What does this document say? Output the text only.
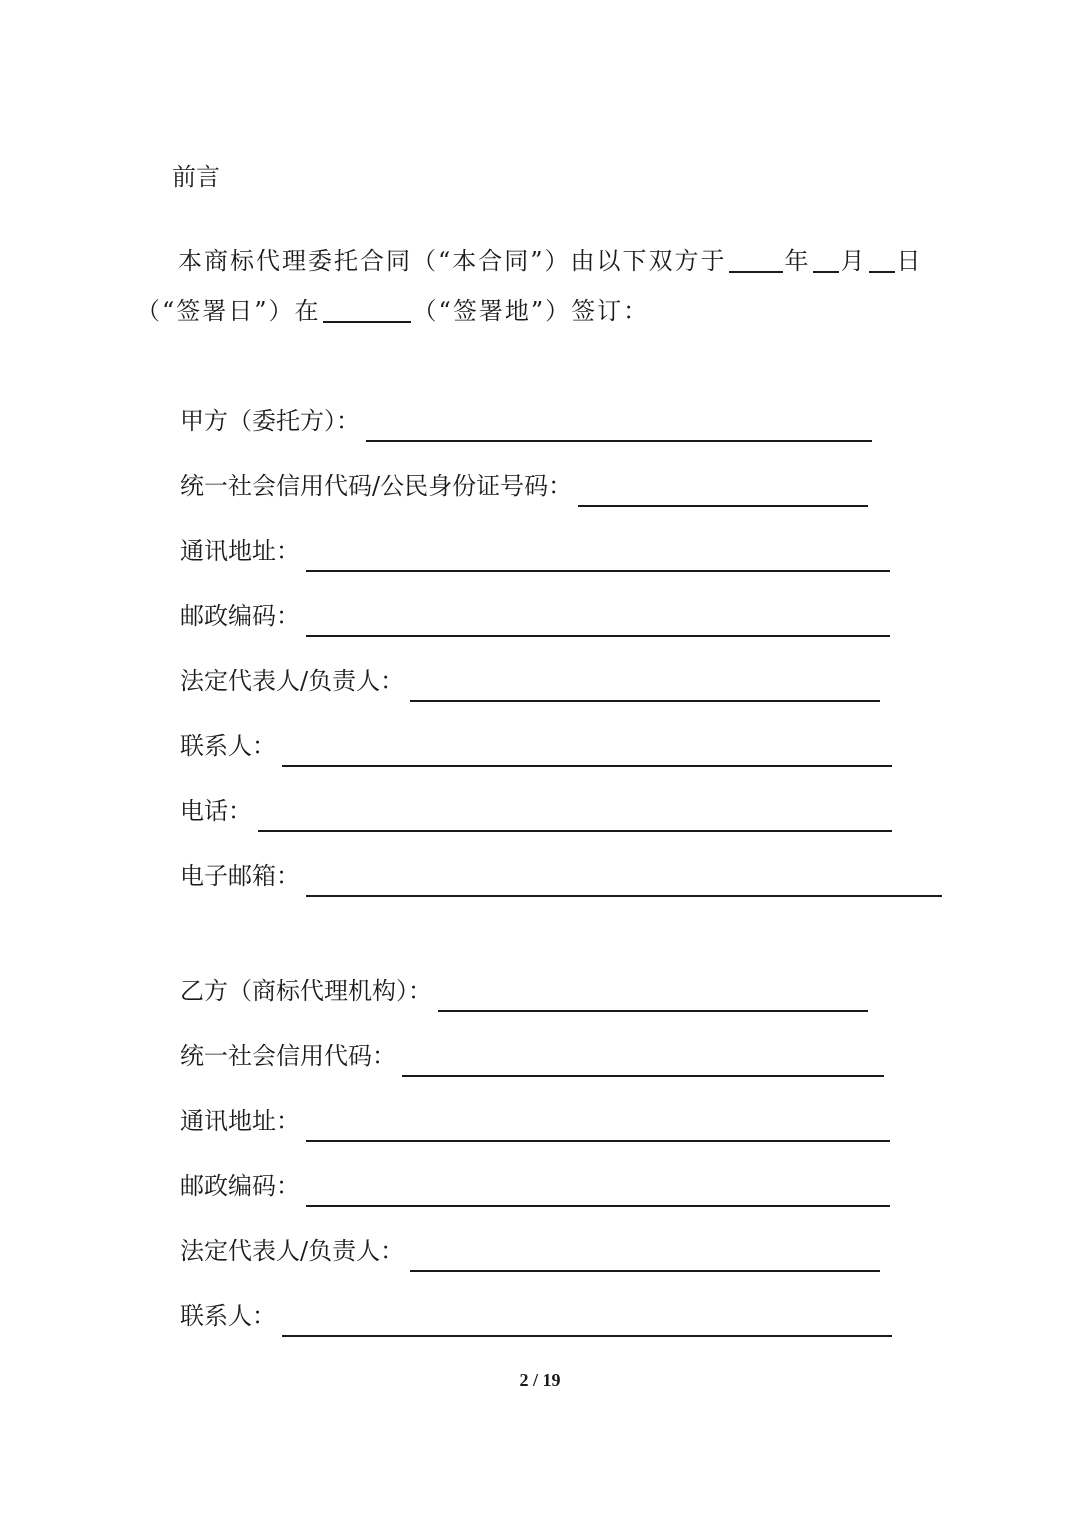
前言
本商标代理委托合同（“本合同”）由以下双方于 年 月 日
（“签署日”）在	（“签署地”）签订：
甲方（委托方）：
统一社会信用代码/公民身份证号码：
通讯地址：
邮政编码：
法定代表人/负责人：
联系人：
电话：
电子邮箱：
乙方（商标代理机构）：
统一社会信用代码：
通讯地址：
邮政编码：
法定代表人/负责人：
联系人：
2 / 19
